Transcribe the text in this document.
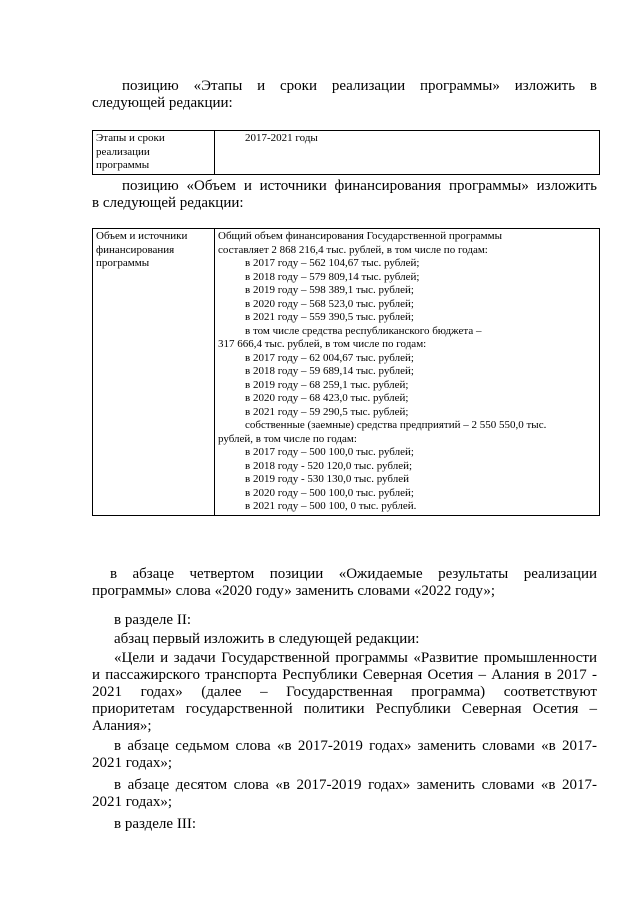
позицию «Этапы и сроки реализации программы» изложить в
следующей редакции:
Этапы и сроки
реализации
программы

2017-2021 годы
позицию «Объем и источники финансирования программы» изложить
в следующей редакции:
Объем и источники
финансирования
программы

Общий объем финансирования Государственной программы
составляет 2 868 216,4 тыс. рублей, в том числе по годам:
в 2017 году – 562 104,67 тыс. рублей;
в 2018 году – 579 809,14 тыс. рублей;
в 2019 году – 598 389,1 тыс. рублей;
в 2020 году – 568 523,0 тыс. рублей;
в 2021 году – 559 390,5 тыс. рублей;
в том числе средства республиканского бюджета –
317 666,4 тыс. рублей, в том числе по годам:
в 2017 году – 62 004,67 тыс. рублей;
в 2018 году – 59 689,14 тыс. рублей;
в 2019 году – 68 259,1 тыс. рублей;
в 2020 году – 68 423,0 тыс. рублей;
в 2021 году – 59 290,5 тыс. рублей;
собственные (заемные) средства предприятий – 2 550 550,0 тыс.
рублей, в том числе по годам:
в 2017 году – 500 100,0 тыс. рублей;
в 2018 году - 520 120,0 тыс. рублей;
в 2019 году - 530 130,0 тыс. рублей
в 2020 году – 500 100,0 тыс. рублей;
в 2021 году – 500 100, 0 тыс. рублей.
в абзаце четвертом позиции «Ожидаемые результаты реализации
программы» слова «2020 году» заменить словами «2022 году»;
в разделе II:
абзац первый изложить в следующей редакции:
«Цели и задачи Государственной программы «Развитие промышленности
и пассажирского транспорта Республики Северная Осетия – Алания в 2017 -
2021 годах» (далее – Государственная программа) соответствуют
приоритетам государственной политики Республики Северная Осетия –
Алания»;
в абзаце седьмом слова «в 2017-2019 годах» заменить словами «в 2017-
2021 годах»;
в абзаце десятом слова «в 2017-2019 годах» заменить словами «в 2017-
2021 годах»;
в разделе III:
